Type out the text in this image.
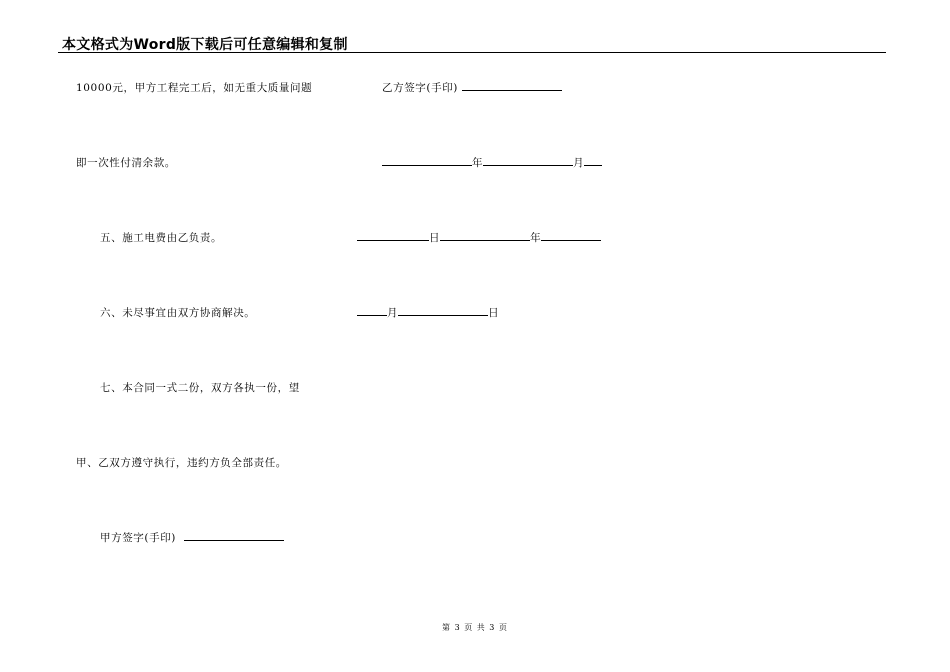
本文格式为Word版下载后可任意编辑和复制
10000元，甲方工程完工后，如无重大质量问题
即一次性付清余款。
五、施工电费由乙负责。
六、未尽事宜由双方协商解决。
七、本合同一式二份，双方各执一份，望
甲、乙双方遵守执行，违约方负全部责任。
甲方签字(手印)
乙方签字(手印)
年	月
日	年
月	日
第 3 页 共 3 页
